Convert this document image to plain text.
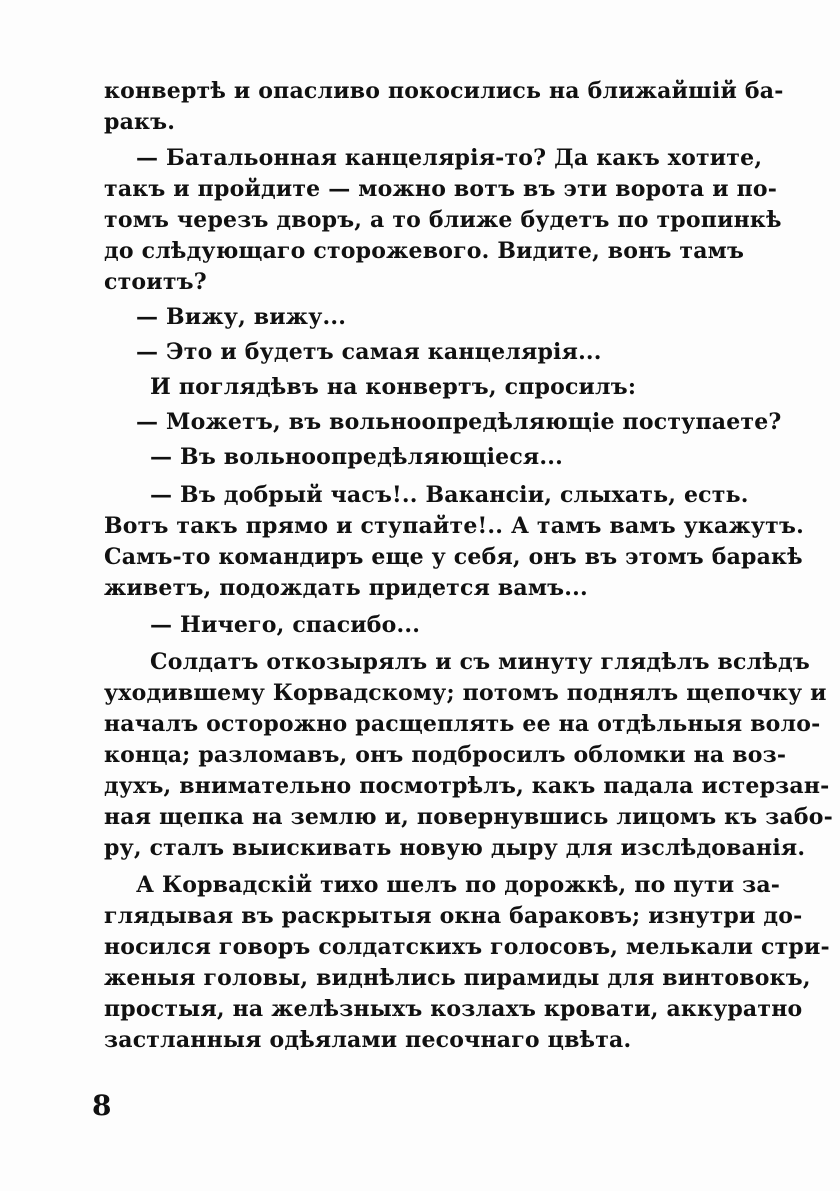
конвертѣ и опасливо покосились на ближайшій ба-
ракъ.
— Батальонная канцелярія-то? Да какъ хотите,
такъ и пройдите — можно вотъ въ эти ворота и по-
томъ черезъ дворъ, а то ближе будетъ по тропинкѣ
до слѣдующаго сторожевого. Видите, вонъ тамъ
стоитъ?
— Вижу, вижу...
— Это и будетъ самая канцелярія...
И поглядѣвъ на конвертъ, спросилъ:
— Можетъ, въ вольноопредѣляющіе поступаете?
— Въ вольноопредѣляющіеся...
— Въ добрый часъ!.. Вакансіи, слыхать, есть.
Вотъ такъ прямо и ступайте!.. А тамъ вамъ укажутъ.
Самъ-то командиръ еще у себя, онъ въ этомъ баракѣ
живетъ, подождать придется вамъ...
— Ничего, спасибо...
Солдатъ откозырялъ и съ минуту глядѣлъ вслѣдъ
уходившему Корвадскому; потомъ поднялъ щепочку и
началъ осторожно расщеплять ее на отдѣльныя воло-
конца; разломавъ, онъ подбросилъ обломки на воз-
духъ, внимательно посмотрѣлъ, какъ падала истерзан-
ная щепка на землю и, повернувшись лицомъ къ забо-
ру, сталъ выискивать новую дыру для изслѣдованія.
А Корвадскій тихо шелъ по дорожкѣ, по пути за-
глядывая въ раскрытыя окна бараковъ; изнутри до-
носился говоръ солдатскихъ голосовъ, мелькали стри-
женыя головы, виднѣлись пирамиды для винтовокъ,
простыя, на желѣзныхъ козлахъ кровати, аккуратно
застланныя одѣялами песочнаго цвѣта.
8
